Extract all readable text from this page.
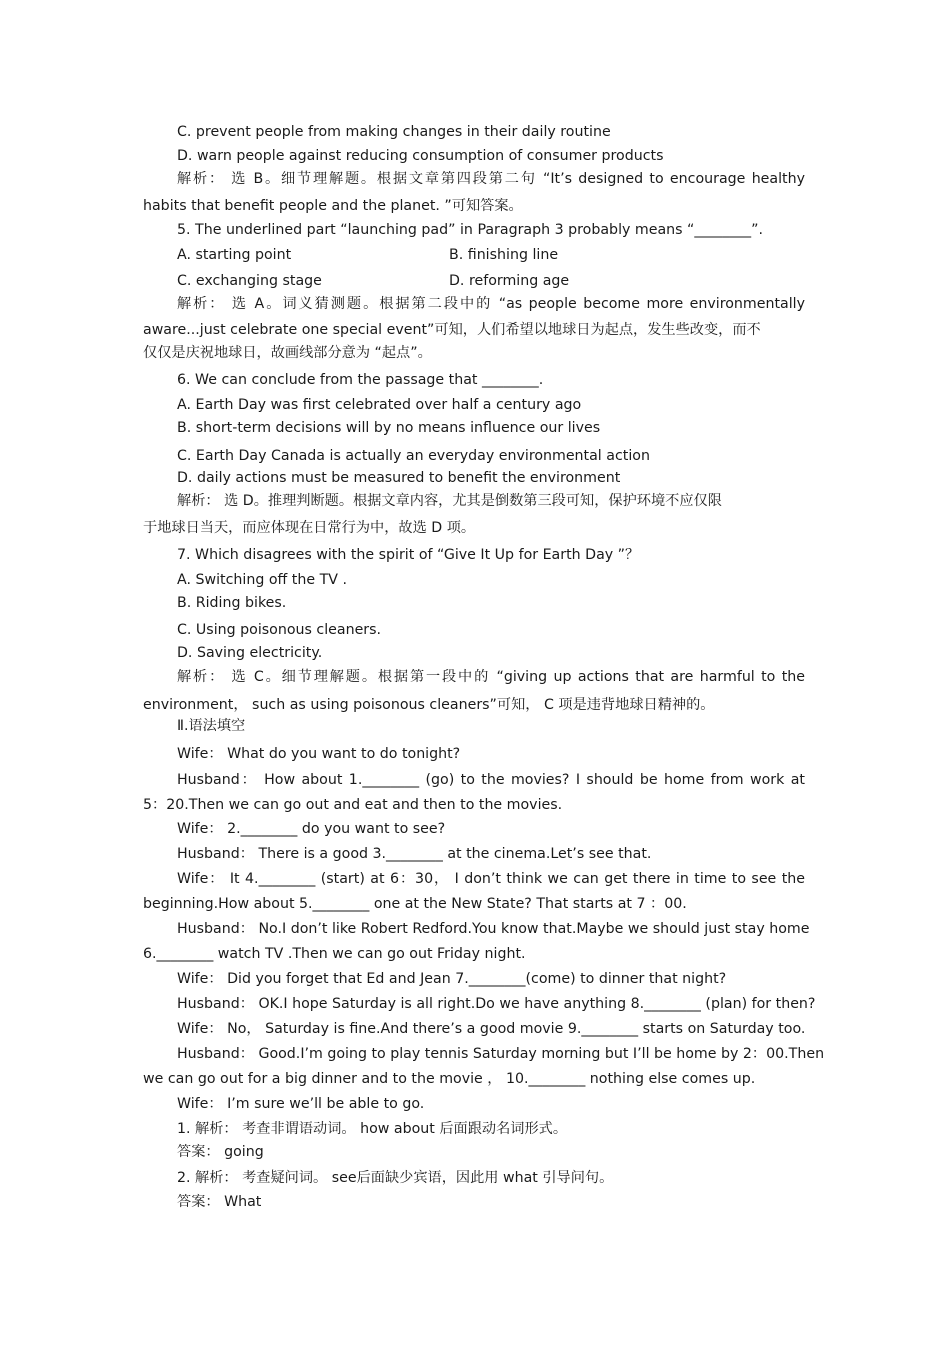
C. prevent people from making changes in their daily routine
D. warn people against reducing consumption of consumer products
解析： 选 B。细节理解题。根据文章第四段第二句 “It’s designed to encourage healthy
habits that benefit people and the planet. ”可知答案。
5. The underlined part “launching pad” in Paragraph 3 probably means “________”.
A. starting point	B. finishing line
C. exchanging stage	D. reforming age
解析： 选 A。词义猜测题。根据第二段中的 “as people become more environmentally
aware...just celebrate one special event”可知，人们希望以地球日为起点，发生些改变，而不
仅仅是庆祝地球日，故画线部分意为 “起点”。
6. We can conclude from the passage that ________.
A. Earth Day was first celebrated over half a century ago
B. short-term decisions will by no means influence our lives
C. Earth Day Canada is actually an everyday environmental action
D. daily actions must be measured to benefit the environment
解析： 选 D。推理判断题。根据文章内容，尤其是倒数第三段可知，保护环境不应仅限
于地球日当天，而应体现在日常行为中，故选 D 项。
7. Which disagrees with the spirit of “Give It Up for Earth Day ”？
A. Switching off the TV .
B. Riding bikes.
C. Using poisonous cleaners.
D. Saving electricity.
解析： 选 C。细节理解题。根据第一段中的 “giving up actions that are harmful to the
environment， such as using poisonous cleaners”可知， C 项是违背地球日精神的。
Ⅱ.语法填空
Wife： What do you want to do tonight?
Husband： How about 1.________ (go) to the movies? I should be home from work at
5：20.Then we can go out and eat and then to the movies.
Wife： 2.________ do you want to see?
Husband： There is a good 3.________ at the cinema.Let’s see that.
Wife： It 4.________ (start) at 6：30， I don’t think we can get there in time to see the
beginning.How about 5.________ one at the New State? That starts at 7 ：00.
Husband： No.I don’t like Robert Redford.You know that.Maybe we should just stay home
6.________ watch TV .Then we can go out Friday night.
Wife： Did you forget that Ed and Jean 7.________(come) to dinner that night?
Husband： OK.I hope Saturday is all right.Do we have anything 8.________ (plan) for then?
Wife： No， Saturday is fine.And there’s a good movie 9.________ starts on Saturday too.
Husband： Good.I’m going to play tennis Saturday morning but I’ll be home by 2：00.Then
we can go out for a big dinner and to the movie ， 10.________ nothing else comes up.
Wife： I’m sure we’ll be able to go.
1. 解析： 考查非谓语动词。 how about 后面跟动名词形式。
答案： going
2. 解析： 考查疑问词。 see后面缺少宾语，因此用 what 引导问句。
答案： What
